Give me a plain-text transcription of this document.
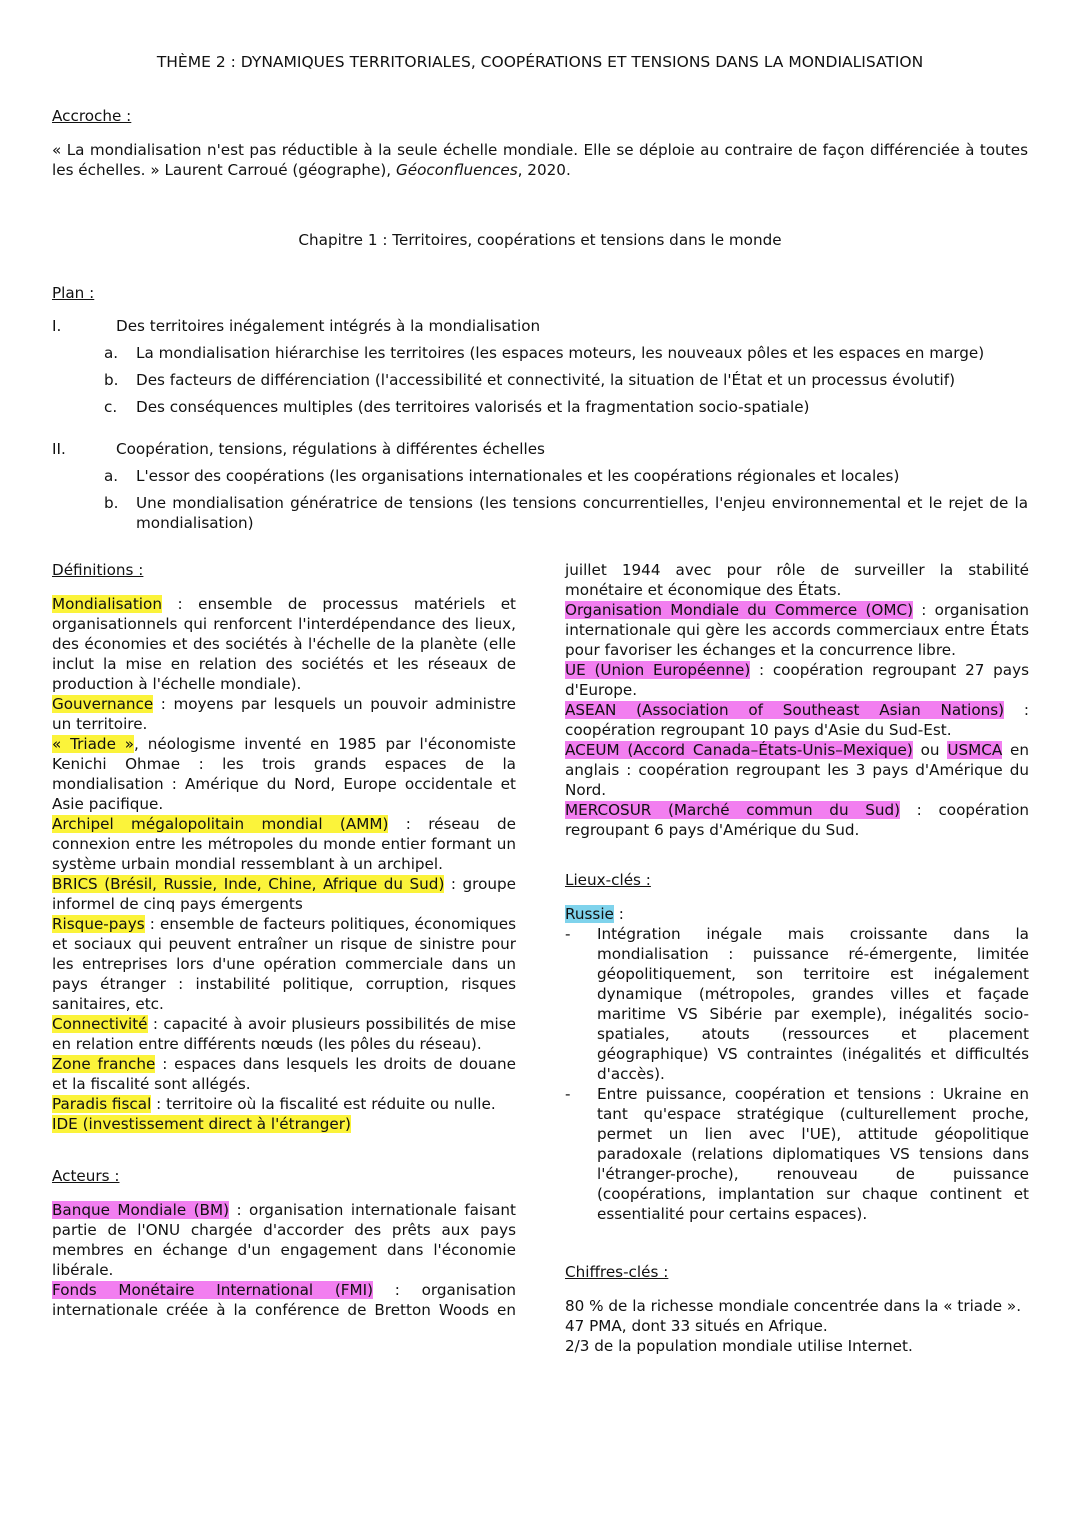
THÈME 2 : DYNAMIQUES TERRITORIALES, COOPÉRATIONS ET TENSIONS DANS LA MONDIALISATION
Accroche :
« La mondialisation n'est pas réductible à la seule échelle mondiale. Elle se déploie au contraire de façon différenciée à toutes les échelles. » Laurent Carroué (géographe), Géoconfluences, 2020.
Chapitre 1 : Territoires, coopérations et tensions dans le monde
Plan :
I.	Des territoires inégalement intégrés à la mondialisation
a.	La mondialisation hiérarchise les territoires (les espaces moteurs, les nouveaux pôles et les espaces en marge)
b.	Des facteurs de différenciation (l'accessibilité et connectivité, la situation de l'État et un processus évolutif)
c.	Des conséquences multiples (des territoires valorisés et la fragmentation socio-spatiale)
II.	Coopération, tensions, régulations à différentes échelles
a.	L'essor des coopérations (les organisations internationales et les coopérations régionales et locales)
b.	Une mondialisation génératrice de tensions (les tensions concurrentielles, l'enjeu environnemental et le rejet de la mondialisation)

Définitions :

Mondialisation : ensemble de processus matériels et organisationnels qui renforcent l'interdépendance des lieux, des économies et des sociétés à l'échelle de la planète (elle inclut la mise en relation des sociétés et les réseaux de production à l'échelle mondiale).

Gouvernance : moyens par lesquels un pouvoir administre un territoire.

« Triade », néologisme inventé en 1985 par l'économiste Kenichi Ohmae : les trois grands espaces de la mondialisation : Amérique du Nord, Europe occidentale et Asie pacifique.

Archipel mégalopolitain mondial (AMM) : réseau de connexion entre les métropoles du monde entier formant un système urbain mondial ressemblant à un archipel.

BRICS (Brésil, Russie, Inde, Chine, Afrique du Sud) : groupe informel de cinq pays émergents

Risque-pays : ensemble de facteurs politiques, économiques et sociaux qui peuvent entraîner un risque de sinistre pour les entreprises lors d'une opération commerciale dans un pays étranger : instabilité politique, corruption, risques sanitaires, etc.

Connectivité : capacité à avoir plusieurs possibilités de mise en relation entre différents nœuds (les pôles du réseau).

Zone franche : espaces dans lesquels les droits de douane et la fiscalité sont allégés.

Paradis fiscal : territoire où la fiscalité est réduite ou nulle.

IDE (investissement direct à l'étranger)

Acteurs :

Banque Mondiale (BM) : organisation internationale faisant partie de l'ONU chargée d'accorder des prêts aux pays membres en échange d'un engagement dans l'économie libérale.

Fonds Monétaire International (FMI) : organisation internationale créée à la conférence de Bretton Woods en

juillet 1944 avec pour rôle de surveiller la stabilité monétaire et économique des États.

Organisation Mondiale du Commerce (OMC) : organisation internationale qui gère les accords commerciaux entre États pour favoriser les échanges et la concurrence libre.

UE (Union Européenne) : coopération regroupant 27 pays d'Europe.

ASEAN (Association of Southeast Asian Nations) : coopération regroupant 10 pays d'Asie du Sud-Est.

ACEUM (Accord Canada–États-Unis–Mexique) ou USMCA en anglais : coopération regroupant les 3 pays d'Amérique du Nord.

MERCOSUR (Marché commun du Sud) : coopération regroupant 6 pays d'Amérique du Sud.

Lieux-clés :

Russie :

-	Intégration inégale mais croissante dans la mondialisation : puissance ré-émergente, limitée géopolitiquement, son territoire est inégalement dynamique (métropoles, grandes villes et façade maritime VS Sibérie par exemple), inégalités socio-spatiales, atouts (ressources et placement géographique) VS contraintes (inégalités et difficultés d'accès).
-	Entre puissance, coopération et tensions : Ukraine en tant qu'espace stratégique (culturellement proche, permet un lien avec l'UE), attitude géopolitique paradoxale (relations diplomatiques VS tensions dans l'étranger-proche), renouveau de puissance (coopérations, implantation sur chaque continent et essentialité pour certains espaces).

Chiffres-clés :

80 % de la richesse mondiale concentrée dans la « triade ».

47 PMA, dont 33 situés en Afrique.

2/3 de la population mondiale utilise Internet.
